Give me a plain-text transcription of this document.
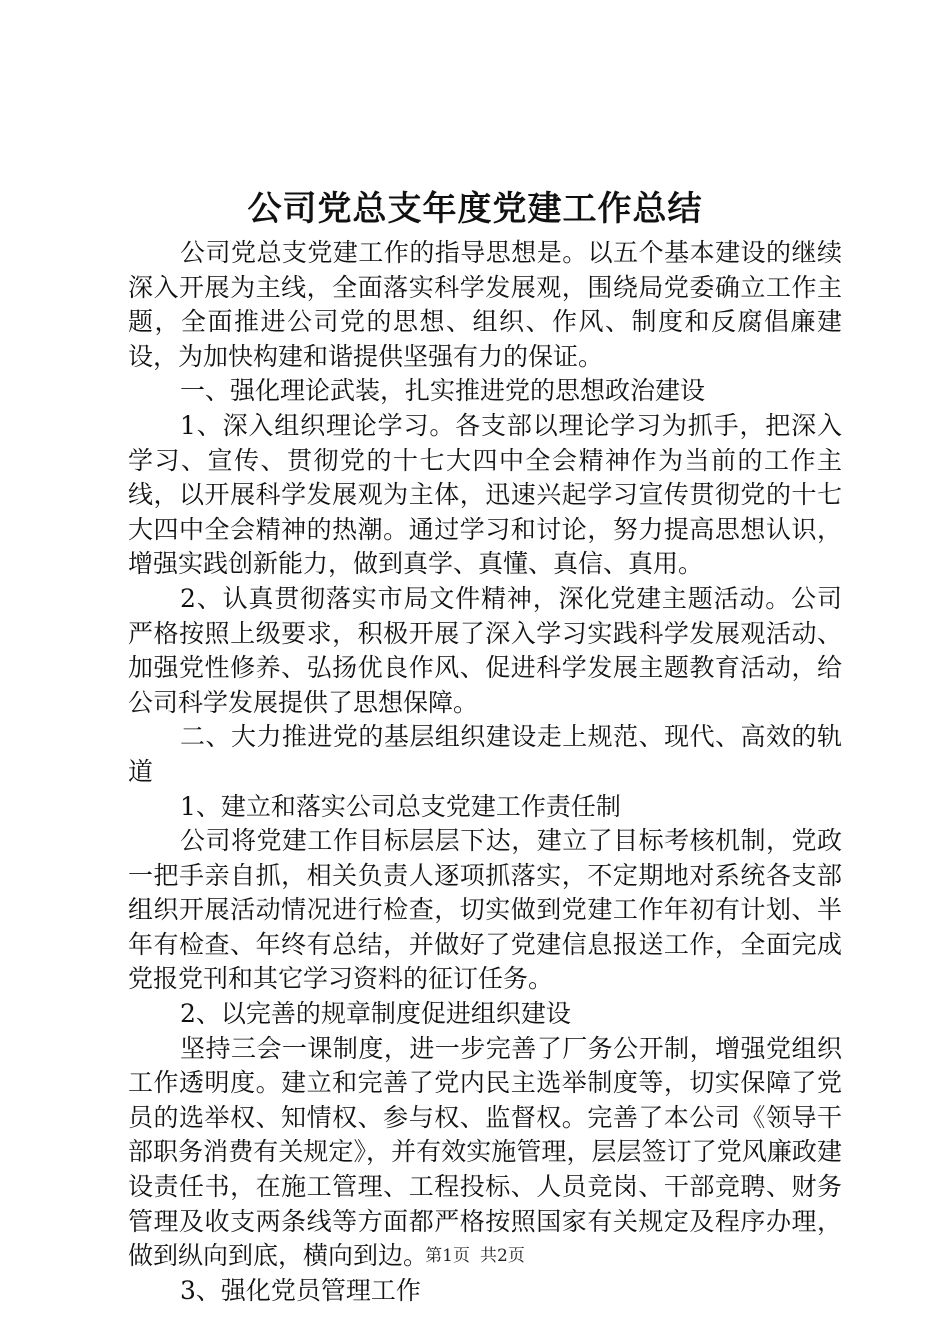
公司党总支年度党建工作总结

公司党总支党建工作的指导思想是。以五个基本建设的继续深入开展为主线，全面落实科学发展观，围绕局党委确立工作主题，全面推进公司党的思想、组织、作风、制度和反腐倡廉建设，为加快构建和谐提供坚强有力的保证。

一、强化理论武装，扎实推进党的思想政治建设

1、深入组织理论学习。各支部以理论学习为抓手，把深入学习、宣传、贯彻党的十七大四中全会精神作为当前的工作主线，以开展科学发展观为主体，迅速兴起学习宣传贯彻党的十七大四中全会精神的热潮。通过学习和讨论，努力提高思想认识，增强实践创新能力，做到真学、真懂、真信、真用。

2、认真贯彻落实市局文件精神，深化党建主题活动。公司严格按照上级要求，积极开展了深入学习实践科学发展观活动、加强党性修养、弘扬优良作风、促进科学发展主题教育活动，给公司科学发展提供了思想保障。

二、大力推进党的基层组织建设走上规范、现代、高效的轨道

1、建立和落实公司总支党建工作责任制

公司将党建工作目标层层下达，建立了目标考核机制，党政一把手亲自抓，相关负责人逐项抓落实，不定期地对系统各支部组织开展活动情况进行检查，切实做到党建工作年初有计划、半年有检查、年终有总结，并做好了党建信息报送工作，全面完成党报党刊和其它学习资料的征订任务。

2、以完善的规章制度促进组织建设

坚持三会一课制度，进一步完善了厂务公开制，增强党组织工作透明度。建立和完善了党内民主选举制度等，切实保障了党员的选举权、知情权、参与权、监督权。完善了本公司《领导干部职务消费有关规定》，并有效实施管理，层层签订了党风廉政建设责任书，在施工管理、工程投标、人员竞岗、干部竞聘、财务管理及收支两条线等方面都严格按照国家有关规定及程序办理，做到纵向到底，横向到边。

3、强化党员管理工作

第1页 共2页
